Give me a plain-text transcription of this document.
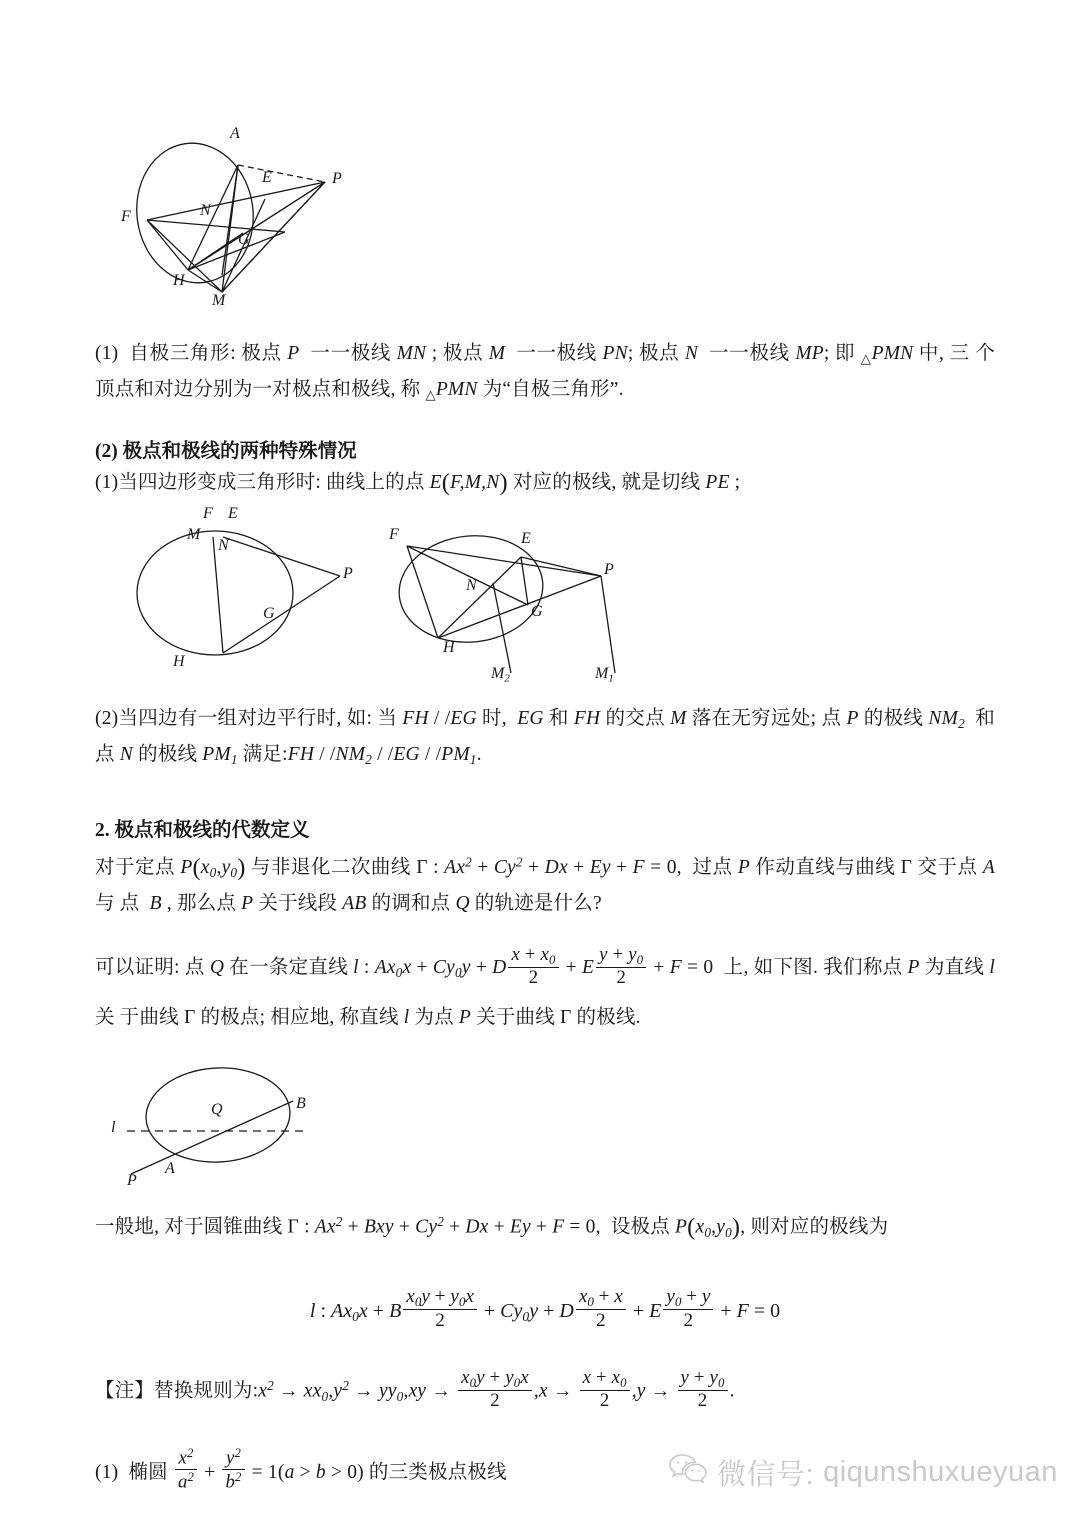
A
E	P
F	N
G
H
M

(1)  自极三角形: 极点 P  一一极线 MN ; 极点 M  一一极线 PN; 极点 N  一一极线 MP; 即 $_\triangle$PMN 中, 三 个 顶点和对边分别为一对极点和极线, 称 $_\triangle$PMN 为“自极三角形”.

(2) 极点和极线的两种特殊情况

(1)当四边形变成三角形时: 曲线上的点 E(F,M,N) 对应的极线, 就是切线 PE ;

F E
M
N
P
G
H
F	E
P
N
G
H
$M_2$	$M_1$

(2)当四边有一组对边平行时, 如: 当 FH / /EG 时,  EG 和 FH 的交点 M 落在无穷远处; 点 P 的极线 $NM_2$  和 点 N 的极线 $PM_1$ 满足:FH / $/NM_2 / /EG / /PM_1$.

2. 极点和极线的代数定义

对于定点 $P(x_0,y_0)$ 与非退化二次曲线 Γ : $Ax^2 + Cy^2 + Dx + Ey + F = 0$,  过点 P 作动直线与曲线 Γ 交于点 A 与 点  B , 那么点 P 关于线段 AB 的调和点 Q 的轨迹是什么?

可以证明: 点 Q 在一条定直线 l : $Ax_0x + Cy_0y + D \frac{x + x_0}{2} + E \frac{y + y_0}{2} + F = 0$  上, 如下图. 我们称点 P 为直线 l 关 于曲线 Γ 的极点; 相应地, 称直线 l 为点 P 关于曲线 Γ 的极线.

Q	B
l
A
P

一般地, 对于圆锥曲线 Γ : $Ax^2$ + Bxy + $Cy^2 + Dx + Ey + F = 0$,  设极点 $P(x_0,y_0)$, 则对应的极线为

l : $Ax_0x + B \frac{x_0y + y_0x}{2} + Cy_0y + D \frac{x_0 + x}{2} + E \frac{y_0 + y}{2} + F = 0$

【注】替换规则为$:x^2 \to xx_0,y^2 \to yy_0,xy \to \frac{x_0y + y_0x}{2} ,x \to \frac{x + x_0}{2} ,y \to \frac{y + y_0}{2}$ .

(1)  椭圆 $\frac{x^2}{a^2} + \frac{y^2}{b^2} = 1(a > b > 0)$ 的三类极点极线	微信号: qiqunshuxueyuan
